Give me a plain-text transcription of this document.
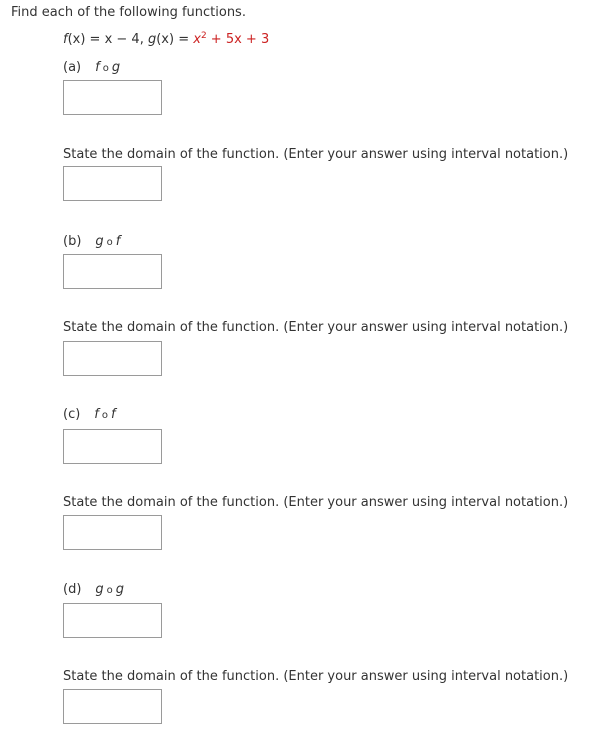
Find each of the following functions.
f(x) = x − 4, $g(x) = x^2 + 5x + 3$
(a) f o g
State the domain of the function. (Enter your answer using interval notation.)
(b) g o f
State the domain of the function. (Enter your answer using interval notation.)
(c) f o f
State the domain of the function. (Enter your answer using interval notation.)
(d) g o g
State the domain of the function. (Enter your answer using interval notation.)
